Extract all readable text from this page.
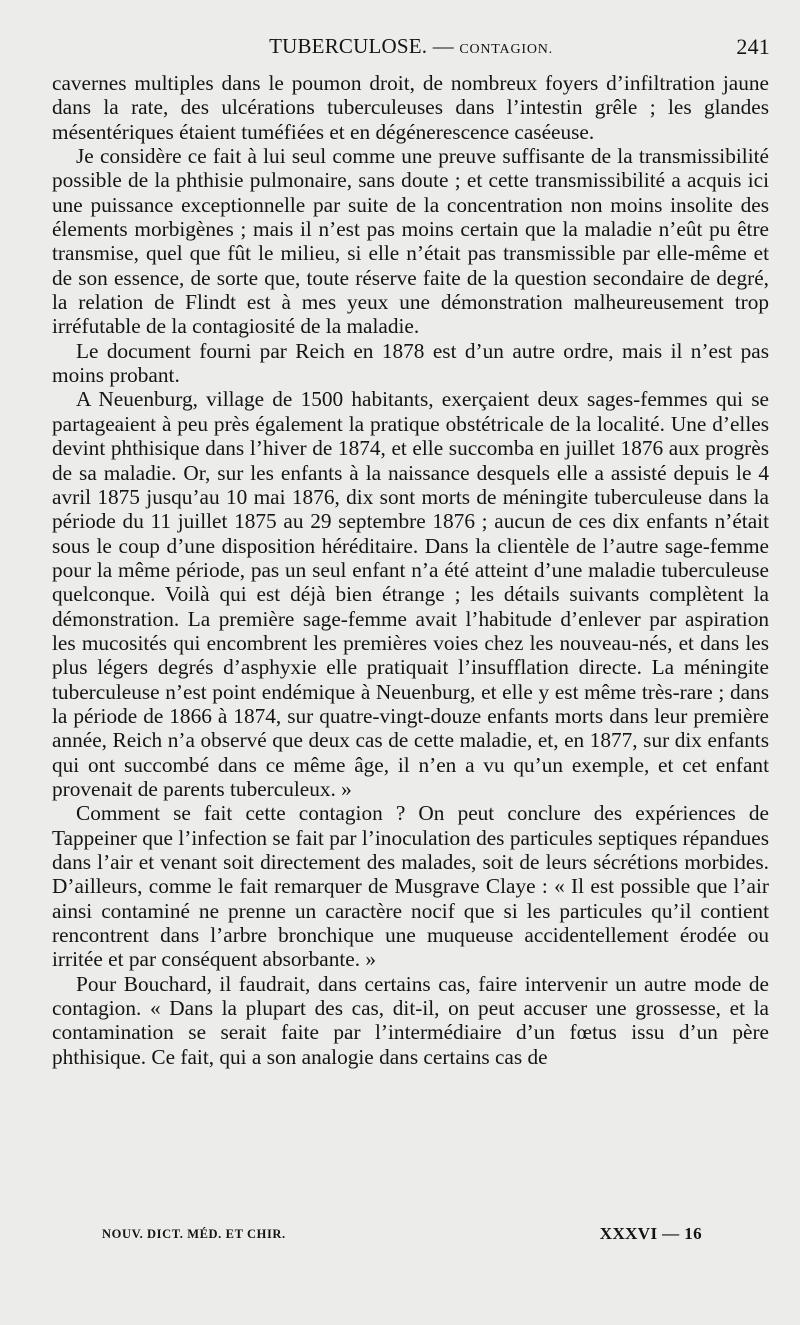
TUBERCULOSE. — CONTAGION.	241

cavernes multiples dans le poumon droit, de nombreux foyers d’infiltration jaune dans la rate, des ulcérations tuberculeuses dans l’intestin grêle ; les glandes mésentériques étaient tuméfiées et en dégénerescence caséeuse.

Je considère ce fait à lui seul comme une preuve suffisante de la transmissibilité possible de la phthisie pulmonaire, sans doute ; et cette transmissibilité a acquis ici une puissance exceptionnelle par suite de la concentration non moins insolite des élements morbigènes ; mais il n’est pas moins certain que la maladie n’eût pu être transmise, quel que fût le milieu, si elle n’était pas transmissible par elle-même et de son essence, de sorte que, toute réserve faite de la question secondaire de degré, la relation de Flindt est à mes yeux une démonstration malheureusement trop irréfutable de la contagiosité de la maladie.

Le document fourni par Reich en 1878 est d’un autre ordre, mais il n’est pas moins probant.

A Neuenburg, village de 1500 habitants, exerçaient deux sages-femmes qui se partageaient à peu près également la pratique obstétricale de la localité. Une d’elles devint phthisique dans l’hiver de 1874, et elle succomba en juillet 1876 aux progrès de sa maladie. Or, sur les enfants à la naissance desquels elle a assisté depuis le 4 avril 1875 jusqu’au 10 mai 1876, dix sont morts de méningite tuberculeuse dans la période du 11 juillet 1875 au 29 septembre 1876 ; aucun de ces dix enfants n’était sous le coup d’une disposition héréditaire. Dans la clientèle de l’autre sage-femme pour la même période, pas un seul enfant n’a été atteint d’une maladie tuberculeuse quelconque. Voilà qui est déjà bien étrange ; les détails suivants complètent la démonstration. La première sage-femme avait l’habitude d’enlever par aspiration les mucosités qui encombrent les premières voies chez les nouveau-nés, et dans les plus légers degrés d’asphyxie elle pratiquait l’insufflation directe. La méningite tuberculeuse n’est point endémique à Neuenburg, et elle y est même très-rare ; dans la période de 1866 à 1874, sur quatre-vingt-douze enfants morts dans leur première année, Reich n’a observé que deux cas de cette maladie, et, en 1877, sur dix enfants qui ont succombé dans ce même âge, il n’en a vu qu’un exemple, et cet enfant provenait de parents tuberculeux. »

Comment se fait cette contagion ? On peut conclure des expériences de Tappeiner que l’infection se fait par l’inoculation des particules septiques répandues dans l’air et venant soit directement des malades, soit de leurs sécrétions morbides. D’ailleurs, comme le fait remarquer de Musgrave Claye : « Il est possible que l’air ainsi contaminé ne prenne un caractère nocif que si les particules qu’il contient rencontrent dans l’arbre bronchique une muqueuse accidentellement érodée ou irritée et par conséquent absorbante. »

Pour Bouchard, il faudrait, dans certains cas, faire intervenir un autre mode de contagion. « Dans la plupart des cas, dit-il, on peut accuser une grossesse, et la contamination se serait faite par l’intermédiaire d’un fœtus issu d’un père phthisique. Ce fait, qui a son analogie dans certains cas de

NOUV. DICT. MÉD. ET CHIR.	XXXVI — 16
